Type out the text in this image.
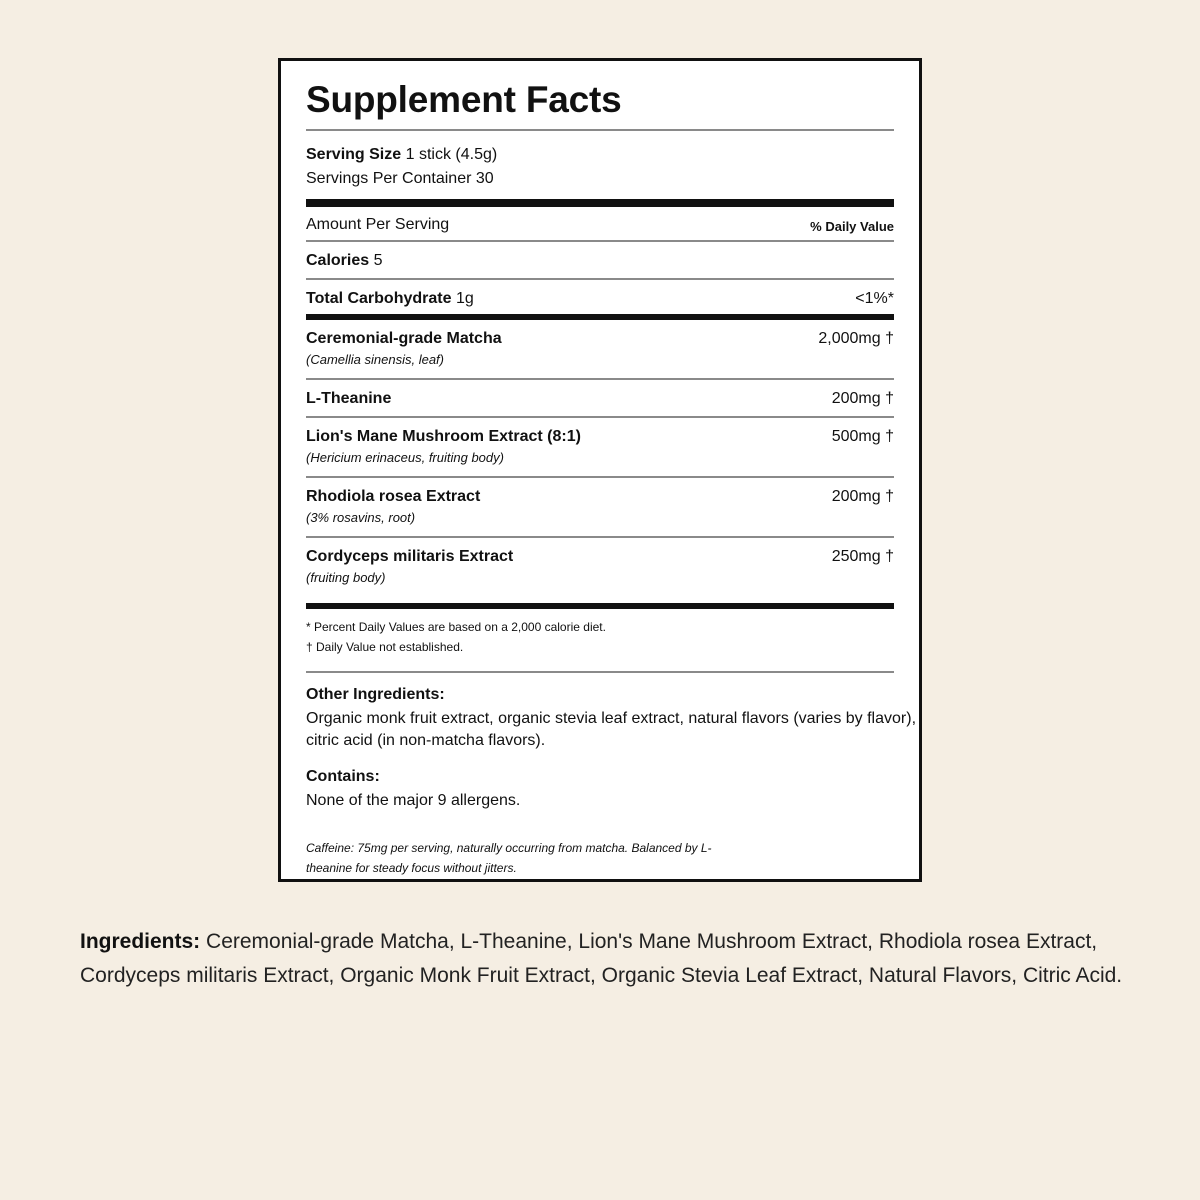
Supplement Facts
Serving Size 1 stick (4.5g)
Servings Per Container 30
Amount Per Serving	% Daily Value
Calories 5
Total Carbohydrate 1g	<1%*
Ceremonial-grade Matcha	2,000mg †
(Camellia sinensis, leaf)
L-Theanine	200mg †
Lion's Mane Mushroom Extract (8:1)	500mg †
(Hericium erinaceus, fruiting body)
Rhodiola rosea Extract	200mg †
(3% rosavins, root)
Cordyceps militaris Extract	250mg †
(fruiting body)
* Percent Daily Values are based on a 2,000 calorie diet.
† Daily Value not established.
Other Ingredients:
Organic monk fruit extract, organic stevia leaf extract, natural flavors (varies by flavor), citric acid (in non-matcha flavors).
Contains:
None of the major 9 allergens.
Caffeine: 75mg per serving, naturally occurring from matcha. Balanced by L-theanine for steady focus without jitters.
Ingredients: Ceremonial-grade Matcha, L-Theanine, Lion's Mane Mushroom Extract, Rhodiola rosea Extract, Cordyceps militaris Extract, Organic Monk Fruit Extract, Organic Stevia Leaf Extract, Natural Flavors, Citric Acid.
